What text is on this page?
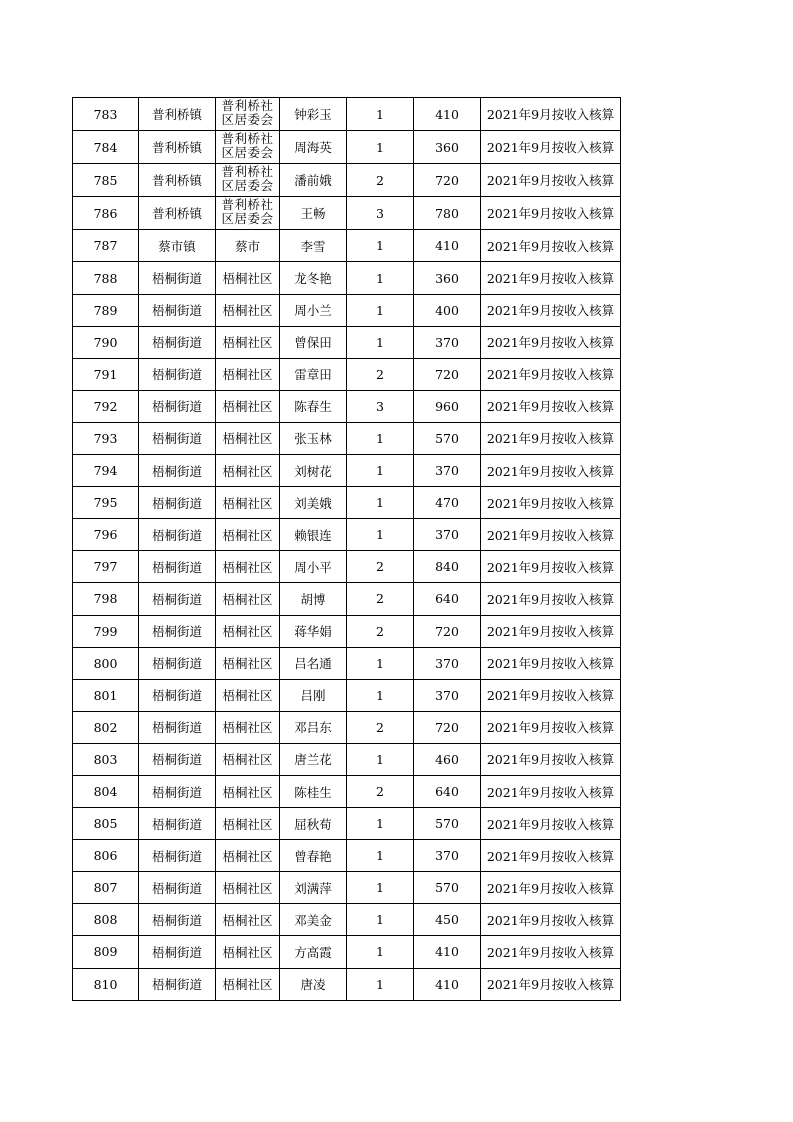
783	普利桥镇	普利桥社区居委会	钟彩玉	1	410	2021年9月按收入核算
784	普利桥镇	普利桥社区居委会	周海英	1	360	2021年9月按收入核算
785	普利桥镇	普利桥社区居委会	潘前娥	2	720	2021年9月按收入核算
786	普利桥镇	普利桥社区居委会	王畅	3	780	2021年9月按收入核算
787	蔡市镇	蔡市	李雪	1	410	2021年9月按收入核算
788	梧桐街道	梧桐社区	龙冬艳	1	360	2021年9月按收入核算
789	梧桐街道	梧桐社区	周小兰	1	400	2021年9月按收入核算
790	梧桐街道	梧桐社区	曾保田	1	370	2021年9月按收入核算
791	梧桐街道	梧桐社区	雷章田	2	720	2021年9月按收入核算
792	梧桐街道	梧桐社区	陈春生	3	960	2021年9月按收入核算
793	梧桐街道	梧桐社区	张玉林	1	570	2021年9月按收入核算
794	梧桐街道	梧桐社区	刘树花	1	370	2021年9月按收入核算
795	梧桐街道	梧桐社区	刘美娥	1	470	2021年9月按收入核算
796	梧桐街道	梧桐社区	赖银连	1	370	2021年9月按收入核算
797	梧桐街道	梧桐社区	周小平	2	840	2021年9月按收入核算
798	梧桐街道	梧桐社区	胡博	2	640	2021年9月按收入核算
799	梧桐街道	梧桐社区	蒋华娟	2	720	2021年9月按收入核算
800	梧桐街道	梧桐社区	吕名通	1	370	2021年9月按收入核算
801	梧桐街道	梧桐社区	吕刚	1	370	2021年9月按收入核算
802	梧桐街道	梧桐社区	邓吕东	2	720	2021年9月按收入核算
803	梧桐街道	梧桐社区	唐兰花	1	460	2021年9月按收入核算
804	梧桐街道	梧桐社区	陈桂生	2	640	2021年9月按收入核算
805	梧桐街道	梧桐社区	屈秋荀	1	570	2021年9月按收入核算
806	梧桐街道	梧桐社区	曾春艳	1	370	2021年9月按收入核算
807	梧桐街道	梧桐社区	刘满萍	1	570	2021年9月按收入核算
808	梧桐街道	梧桐社区	邓美金	1	450	2021年9月按收入核算
809	梧桐街道	梧桐社区	方高霞	1	410	2021年9月按收入核算
810	梧桐街道	梧桐社区	唐凌	1	410	2021年9月按收入核算
